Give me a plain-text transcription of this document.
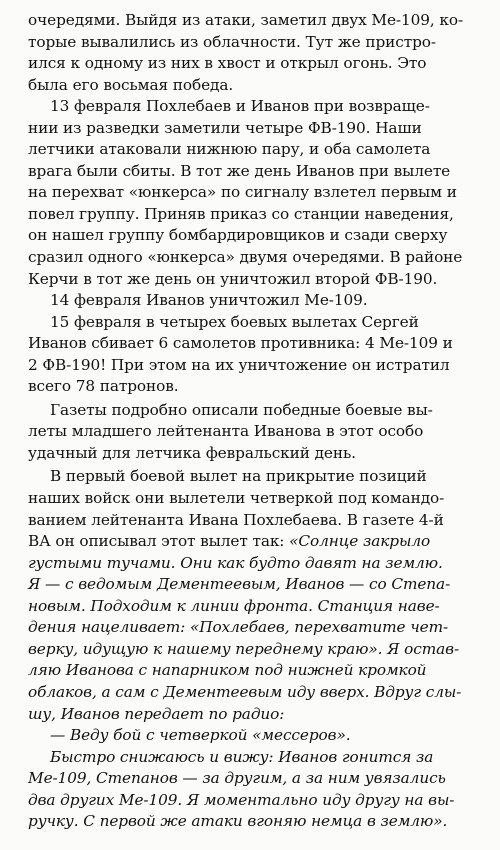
очередями. Выйдя из атаки, заметил двух Ме-109, ко-
торые вывалились из облачности. Тут же пристро-
ился к одному из них в хвост и открыл огонь. Это
была его восьмая победа.

13 февраля Похлебаев и Иванов при возвраще-
нии из разведки заметили четыре ФВ-190. Наши
летчики атаковали нижнюю пару, и оба самолета
врага были сбиты. В тот же день Иванов при вылете
на перехват «юнкерса» по сигналу взлетел первым и
повел группу. Приняв приказ со станции наведения,
он нашел группу бомбардировщиков и сзади сверху
сразил одного «юнкерса» двумя очередями. В районе
Керчи в тот же день он уничтожил второй ФВ-190.

14 февраля Иванов уничтожил Ме-109.

15 февраля в четырех боевых вылетах Сергей
Иванов сбивает 6 самолетов противника: 4 Ме-109 и
2 ФВ-190! При этом на их уничтожение он истратил
всего 78 патронов.

Газеты подробно описали победные боевые вы-
леты младшего лейтенанта Иванова в этот особо
удачный для летчика февральский день.

В первый боевой вылет на прикрытие позиций
наших войск они вылетели четверкой под командо-
ванием лейтенанта Ивана Похлебаева. В газете 4-й
ВА он описывал этот вылет так: «Солнце закрыло
густыми тучами. Они как будто давят на землю.
Я — с ведомым Дементеевым, Иванов — со Степа-
новым. Подходим к линии фронта. Станция наве-
дения нацеливает: «Похлебаев, перехватите чет-
верку, идущую к нашему переднему краю». Я остав-
ляю Иванова с напарником под нижней кромкой
облаков, а сам с Дементеевым иду вверх. Вдруг слы-
шу, Иванов передает по радио:

— Веду бой с четверкой «мессеров».

Быстро снижаюсь и вижу: Иванов гонится за
Ме-109, Степанов — за другим, а за ним увязались
два других Ме-109. Я моментально иду другу на вы-
ручку. С первой же атаки вгоняю немца в землю».
